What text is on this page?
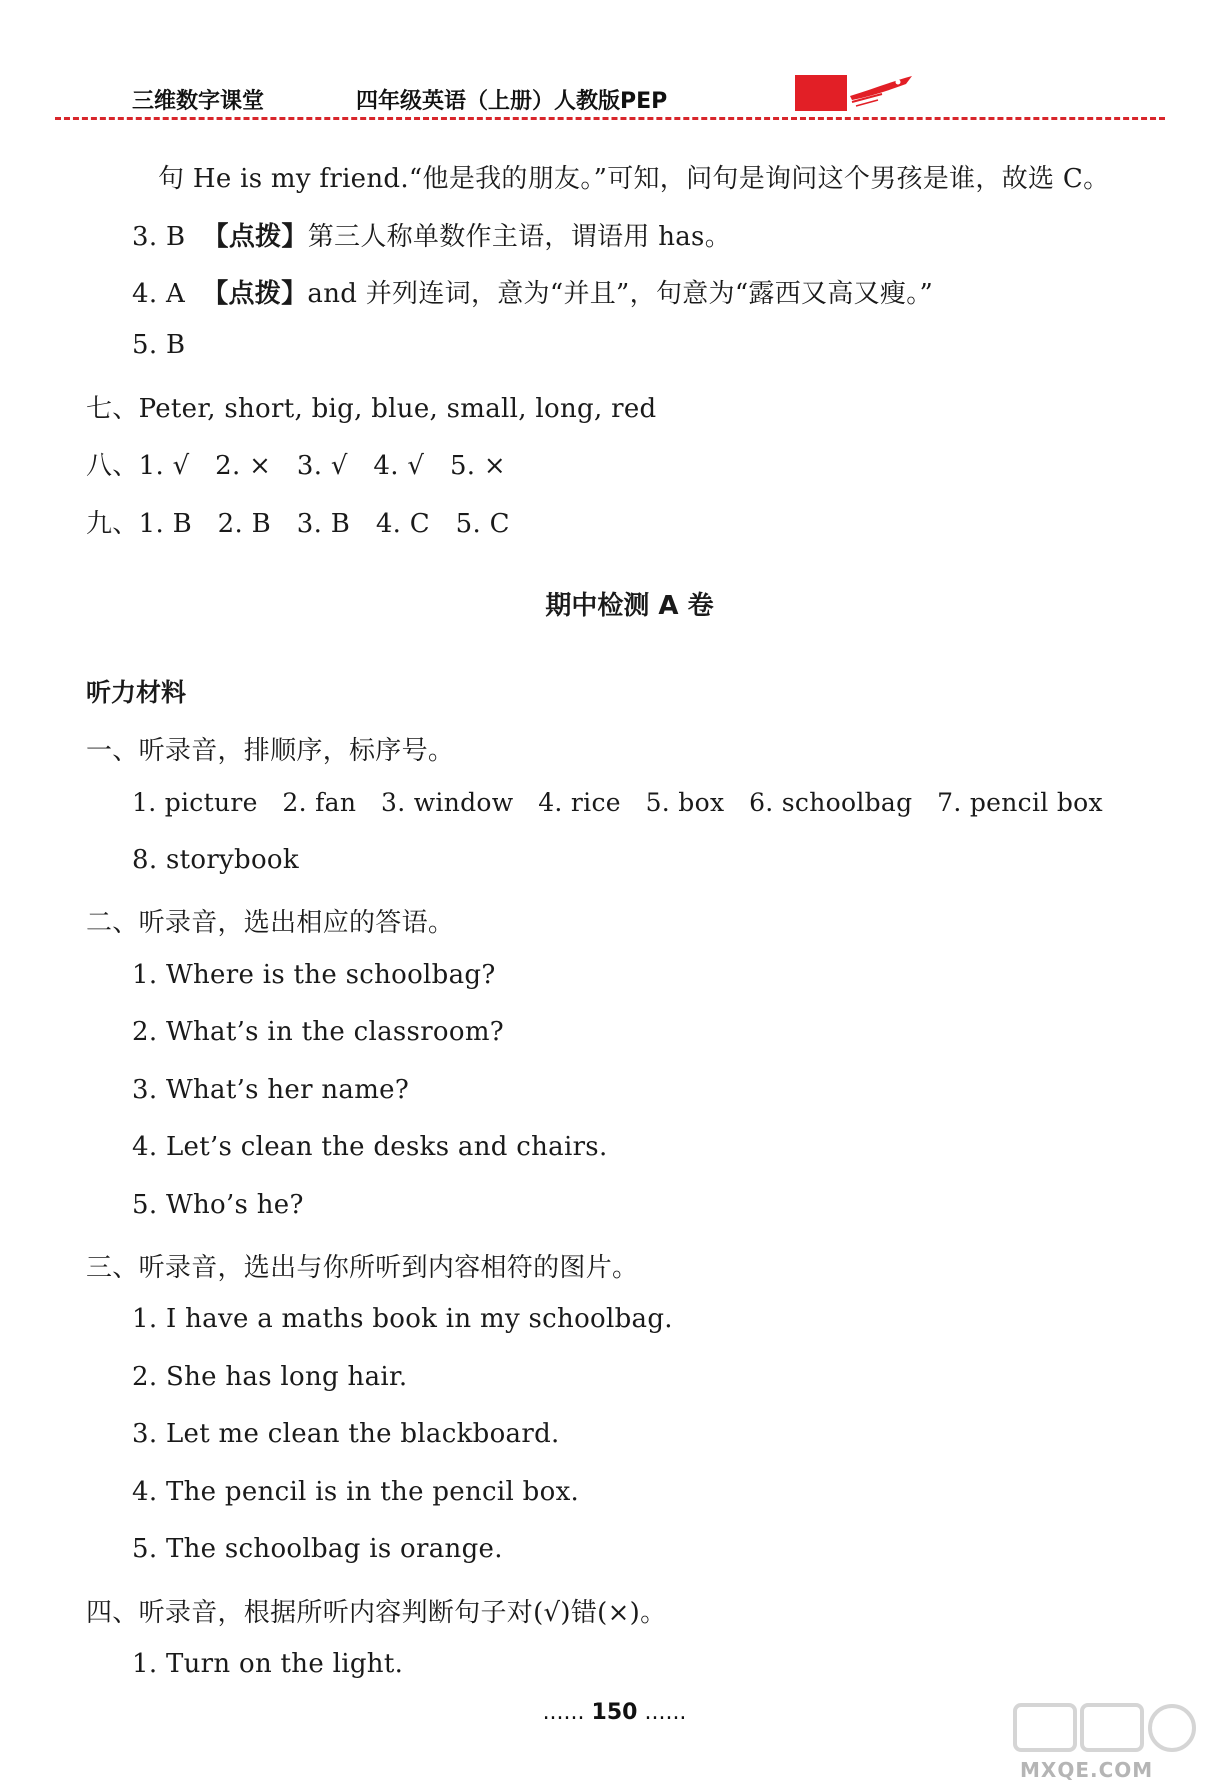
三维数字课堂	四年级英语（上册）人教版PEP
句 He is my friend.“他是我的朋友。”可知，问句是询问这个男孩是谁，故选 C。
3. B 【点拨】第三人称单数作主语，谓语用 has。
4. A 【点拨】and 并列连词，意为“并且”，句意为“露西又高又瘦。”
5. B
七、Peter, short, big, blue, small, long, red
八、1. √   2. ×   3. √   4. √   5. ×
九、1. B   2. B   3. B   4. C   5. C
期中检测 A 卷
听力材料
一、听录音，排顺序，标序号。
1. picture   2. fan   3. window   4. rice   5. box   6. schoolbag   7. pencil box
8. storybook
二、听录音，选出相应的答语。
1. Where is the schoolbag?
2. What’s in the classroom?
3. What’s her name?
4. Let’s clean the desks and chairs.
5. Who’s he?
三、听录音，选出与你所听到内容相符的图片。
1. I have a maths book in my schoolbag.
2. She has long hair.
3. Let me clean the blackboard.
4. The pencil is in the pencil box.
5. The schoolbag is orange.
四、听录音，根据所听内容判断句子对(√)错(×)。
1. Turn on the light.
...... 150 ......
MXQE.COM
